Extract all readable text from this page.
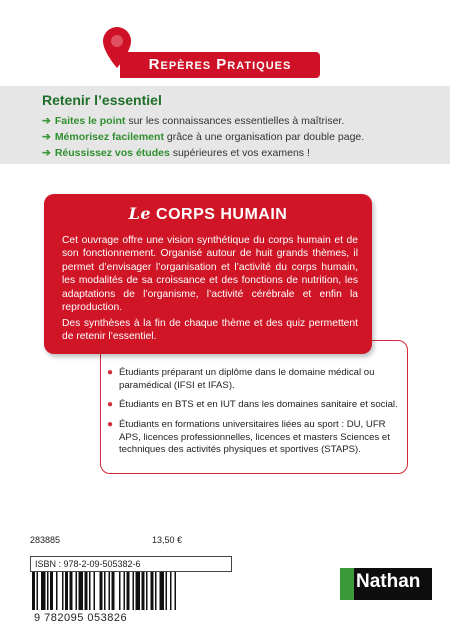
Repères Pratiques
Retenir l’essentiel
➔ Faites le point sur les connaissances essentielles à maîtriser.
➔ Mémorisez facilement grâce à une organisation par double page.
➔ Réussissez vos études supérieures et vos examens !
● Étudiants préparant un diplôme dans le domaine médical ou paramédical (IFSI et IFAS).
● Étudiants en BTS et en IUT dans les domaines sanitaire et social.
● Étudiants en formations universitaires liées au sport : DU, UFR APS, licences professionnelles, licences et masters Sciences et techniques des activités physiques et sportives (STAPS).
Le CORPS HUMAIN
Cet ouvrage offre une vision synthétique du corps humain et de son fonctionnement. Organisé autour de huit grands thèmes, il permet d’envisager l’organisation et l’activité du corps humain, les modalités de sa croissance et des fonctions de nutrition, les adaptations de l’organisme, l’activité cérébrale et enfin la reproduction.
Des synthèses à la fin de chaque thème et des quiz permettent de retenir l’essentiel.
283885	13,50 €
ISBN : 978-2-09-505382-6
9 782095 053826
Nathan
